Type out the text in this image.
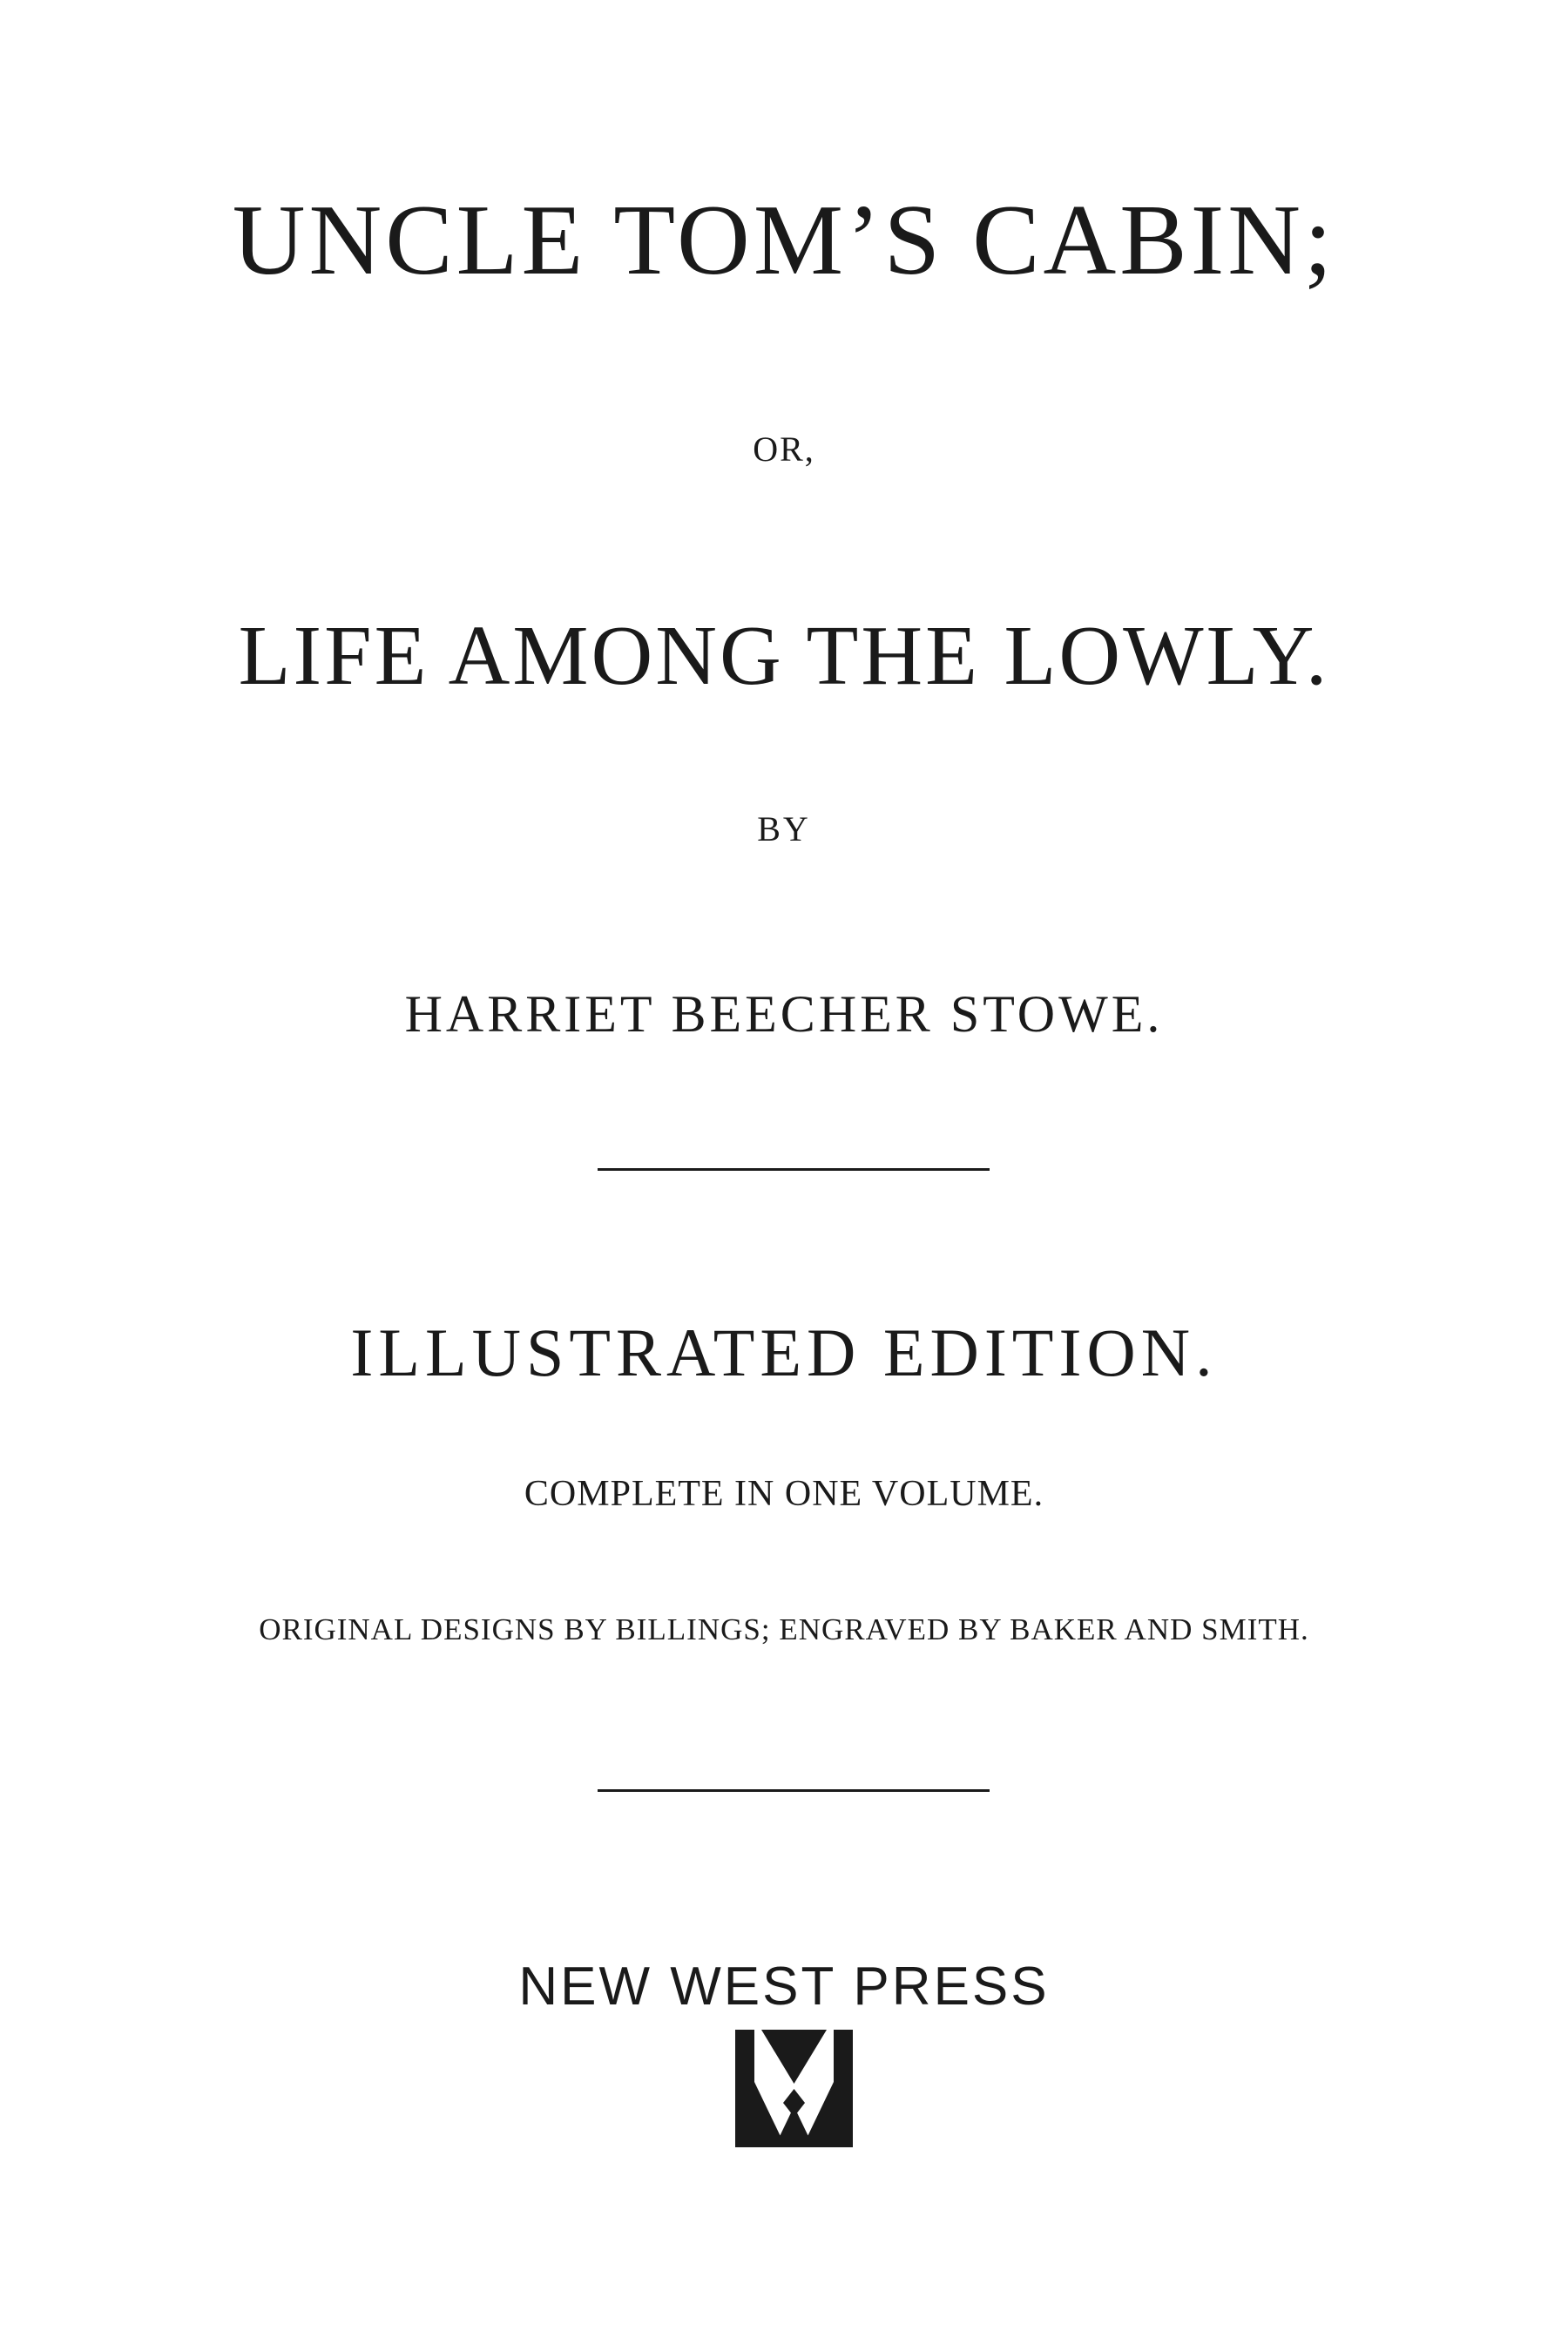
UNCLE TOM’S CABIN;
OR,
LIFE AMONG THE LOWLY.
BY
HARRIET BEECHER STOWE.
ILLUSTRATED EDITION.
COMPLETE IN ONE VOLUME.
ORIGINAL DESIGNS BY BILLINGS; ENGRAVED BY BAKER AND SMITH.
NEW WEST PRESS
